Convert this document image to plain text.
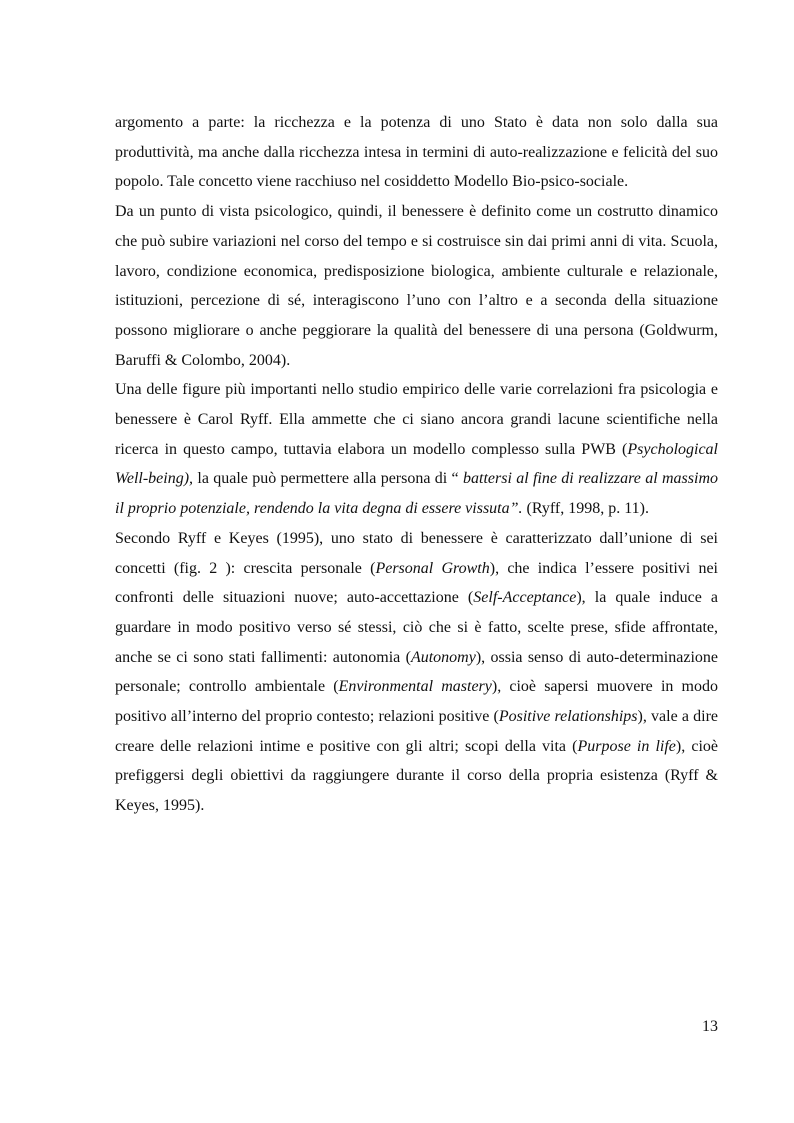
argomento a parte: la ricchezza e la potenza di uno Stato è data non solo dalla sua produttività, ma anche dalla ricchezza intesa in termini di auto-realizzazione e felicità del suo popolo. Tale concetto viene racchiuso nel cosiddetto Modello Bio-psico-sociale.

Da un punto di vista psicologico, quindi, il benessere è definito come un costrutto dinamico che può subire variazioni nel corso del tempo e si costruisce sin dai primi anni di vita. Scuola, lavoro, condizione economica, predisposizione biologica, ambiente culturale e relazionale, istituzioni, percezione di sé, interagiscono l’uno con l’altro e a seconda della situazione possono migliorare o anche peggiorare la qualità del benessere di una persona (Goldwurm, Baruffi & Colombo, 2004).

Una delle figure più importanti nello studio empirico delle varie correlazioni fra psicologia e benessere è Carol Ryff. Ella ammette che ci siano ancora grandi lacune scientifiche nella ricerca in questo campo, tuttavia elabora un modello complesso sulla PWB (Psychological Well-being), la quale può permettere alla persona di “ battersi al fine di realizzare al massimo il proprio potenziale, rendendo la vita degna di essere vissuta”. (Ryff, 1998, p. 11).

Secondo Ryff e Keyes (1995), uno stato di benessere è caratterizzato dall’unione di sei concetti (fig. 2 ): crescita personale (Personal Growth), che indica l’essere positivi nei confronti delle situazioni nuove; auto-accettazione (Self-Acceptance), la quale induce a guardare in modo positivo verso sé stessi, ciò che si è fatto, scelte prese, sfide affrontate, anche se ci sono stati fallimenti: autonomia (Autonomy), ossia senso di auto-determinazione personale; controllo ambientale (Environmental mastery), cioè sapersi muovere in modo positivo all’interno del proprio contesto; relazioni positive (Positive relationships), vale a dire creare delle relazioni intime e positive con gli altri; scopi della vita (Purpose in life), cioè prefiggersi degli obiettivi da raggiungere durante il corso della propria esistenza (Ryff & Keyes, 1995).

13
